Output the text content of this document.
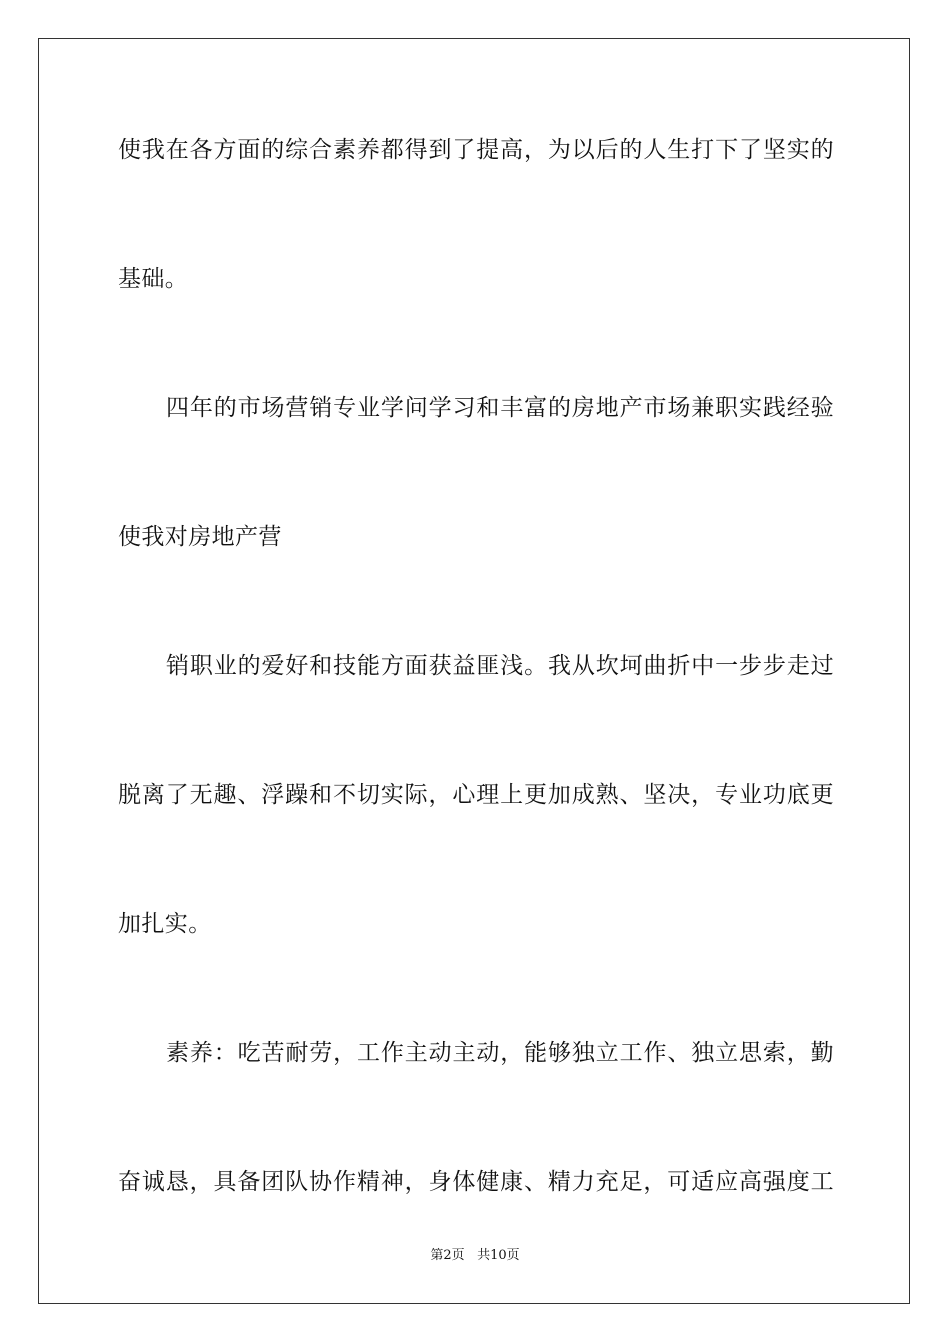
使我在各方面的综合素养都得到了提高，为以后的人生打下了坚实的
基础。
四年的市场营销专业学问学习和丰富的房地产市场兼职实践经验
使我对房地产营
销职业的爱好和技能方面获益匪浅。我从坎坷曲折中一步步走过
脱离了无趣、浮躁和不切实际，心理上更加成熟、坚决，专业功底更
加扎实。
素养：吃苦耐劳，工作主动主动，能够独立工作、独立思索，勤
奋诚恳，具备团队协作精神，身体健康、精力充足，可适应高强度工
第2页 共10页
